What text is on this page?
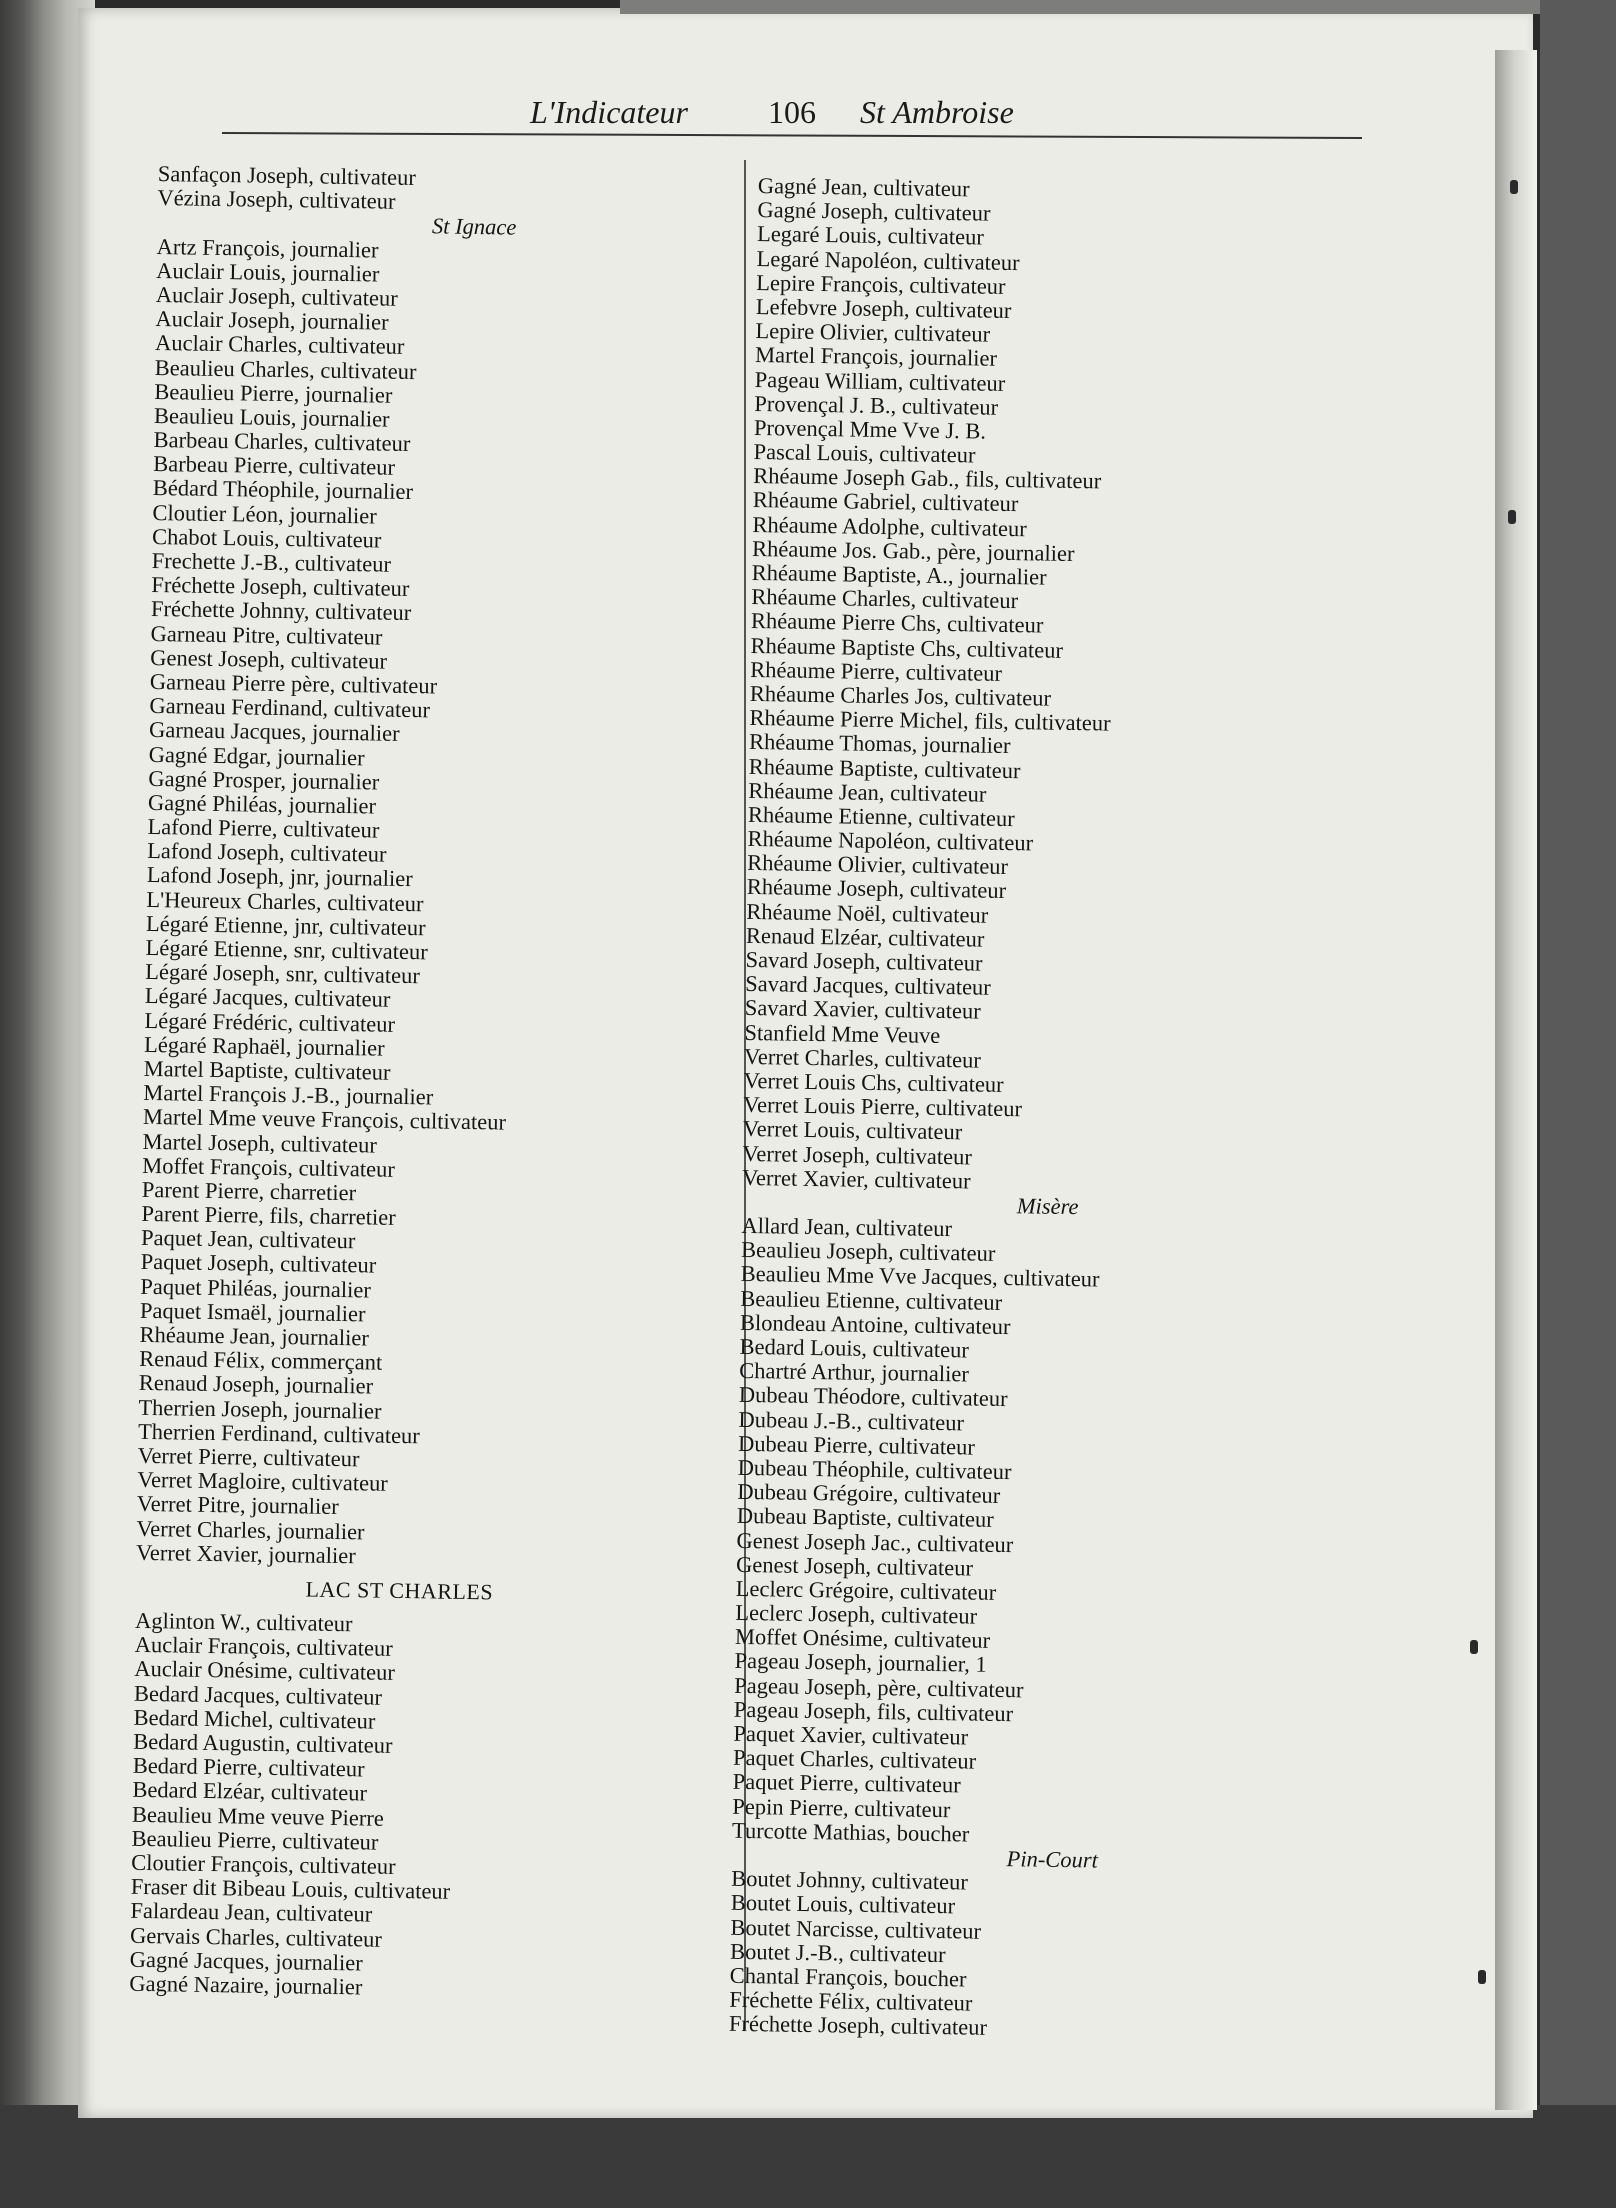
L'Indicateur	106 St Ambroise
Sanfaçon Joseph, cultivateur
Vézina Joseph, cultivateur
St Ignace
Artz François, journalier
Auclair Louis, journalier
Auclair Joseph, cultivateur
Auclair Joseph, journalier
Auclair Charles, cultivateur
Beaulieu Charles, cultivateur
Beaulieu Pierre, journalier
Beaulieu Louis, journalier
Barbeau Charles, cultivateur
Barbeau Pierre, cultivateur
Bédard Théophile, journalier
Cloutier Léon, journalier
Chabot Louis, cultivateur
Frechette J.-B., cultivateur
Fréchette Joseph, cultivateur
Fréchette Johnny, cultivateur
Garneau Pitre, cultivateur
Genest Joseph, cultivateur
Garneau Pierre père, cultivateur
Garneau Ferdinand, cultivateur
Garneau Jacques, journalier
Gagné Edgar, journalier
Gagné Prosper, journalier
Gagné Philéas, journalier
Lafond Pierre, cultivateur
Lafond Joseph, cultivateur
Lafond Joseph, jnr, journalier
L'Heureux Charles, cultivateur
Légaré Etienne, jnr, cultivateur
Légaré Etienne, snr, cultivateur
Légaré Joseph, snr, cultivateur
Légaré Jacques, cultivateur
Légaré Frédéric, cultivateur
Légaré Raphaël, journalier
Martel Baptiste, cultivateur
Martel François J.-B., journalier
Martel Mme veuve François, cultivateur
Martel Joseph, cultivateur
Moffet François, cultivateur
Parent Pierre, charretier
Parent Pierre, fils, charretier
Paquet Jean, cultivateur
Paquet Joseph, cultivateur
Paquet Philéas, journalier
Paquet Ismaël, journalier
Rhéaume Jean, journalier
Renaud Félix, commerçant
Renaud Joseph, journalier
Therrien Joseph, journalier
Therrien Ferdinand, cultivateur
Verret Pierre, cultivateur
Verret Magloire, cultivateur
Verret Pitre, journalier
Verret Charles, journalier
Verret Xavier, journalier
LAC ST CHARLES
Aglinton W., cultivateur
Auclair François, cultivateur
Auclair Onésime, cultivateur
Bedard Jacques, cultivateur
Bedard Michel, cultivateur
Bedard Augustin, cultivateur
Bedard Pierre, cultivateur
Bedard Elzéar, cultivateur
Beaulieu Mme veuve Pierre
Beaulieu Pierre, cultivateur
Cloutier François, cultivateur
Fraser dit Bibeau Louis, cultivateur
Falardeau Jean, cultivateur
Gervais Charles, cultivateur
Gagné Jacques, journalier
Gagné Nazaire, journalier
Gagné Jean, cultivateur
Gagné Joseph, cultivateur
Legaré Louis, cultivateur
Legaré Napoléon, cultivateur
Lepire François, cultivateur
Lefebvre Joseph, cultivateur
Lepire Olivier, cultivateur
Martel François, journalier
Pageau William, cultivateur
Provençal J. B., cultivateur
Provençal Mme Vve J. B.
Pascal Louis, cultivateur
Rhéaume Joseph Gab., fils, cultivateur
Rhéaume Gabriel, cultivateur
Rhéaume Adolphe, cultivateur
Rhéaume Jos. Gab., père, journalier
Rhéaume Baptiste, A., journalier
Rhéaume Charles, cultivateur
Rhéaume Pierre Chs, cultivateur
Rhéaume Baptiste Chs, cultivateur
Rhéaume Pierre, cultivateur
Rhéaume Charles Jos, cultivateur
Rhéaume Pierre Michel, fils, cultivateur
Rhéaume Thomas, journalier
Rhéaume Baptiste, cultivateur
Rhéaume Jean, cultivateur
Rhéaume Etienne, cultivateur
Rhéaume Napoléon, cultivateur
Rhéaume Olivier, cultivateur
Rhéaume Joseph, cultivateur
Rhéaume Noël, cultivateur
Renaud Elzéar, cultivateur
Savard Joseph, cultivateur
Savard Jacques, cultivateur
Savard Xavier, cultivateur
Stanfield Mme Veuve
Verret Charles, cultivateur
Verret Louis Chs, cultivateur
Verret Louis Pierre, cultivateur
Verret Louis, cultivateur
Verret Joseph, cultivateur
Verret Xavier, cultivateur
Misère
Allard Jean, cultivateur
Beaulieu Joseph, cultivateur
Beaulieu Mme Vve Jacques, cultivateur
Beaulieu Etienne, cultivateur
Blondeau Antoine, cultivateur
Bedard Louis, cultivateur
Chartré Arthur, journalier
Dubeau Théodore, cultivateur
Dubeau J.-B., cultivateur
Dubeau Pierre, cultivateur
Dubeau Théophile, cultivateur
Dubeau Grégoire, cultivateur
Dubeau Baptiste, cultivateur
Genest Joseph Jac., cultivateur
Genest Joseph, cultivateur
Leclerc Grégoire, cultivateur
Leclerc Joseph, cultivateur
Moffet Onésime, cultivateur
Pageau Joseph, journalier, 1
Pageau Joseph, père, cultivateur
Pageau Joseph, fils, cultivateur
Paquet Xavier, cultivateur
Paquet Charles, cultivateur
Paquet Pierre, cultivateur
Pepin Pierre, cultivateur
Turcotte Mathias, boucher
Pin-Court
Boutet Johnny, cultivateur
Boutet Louis, cultivateur
Boutet Narcisse, cultivateur
Boutet J.-B., cultivateur
Chantal François, boucher
Fréchette Félix, cultivateur
Fréchette Joseph, cultivateur
